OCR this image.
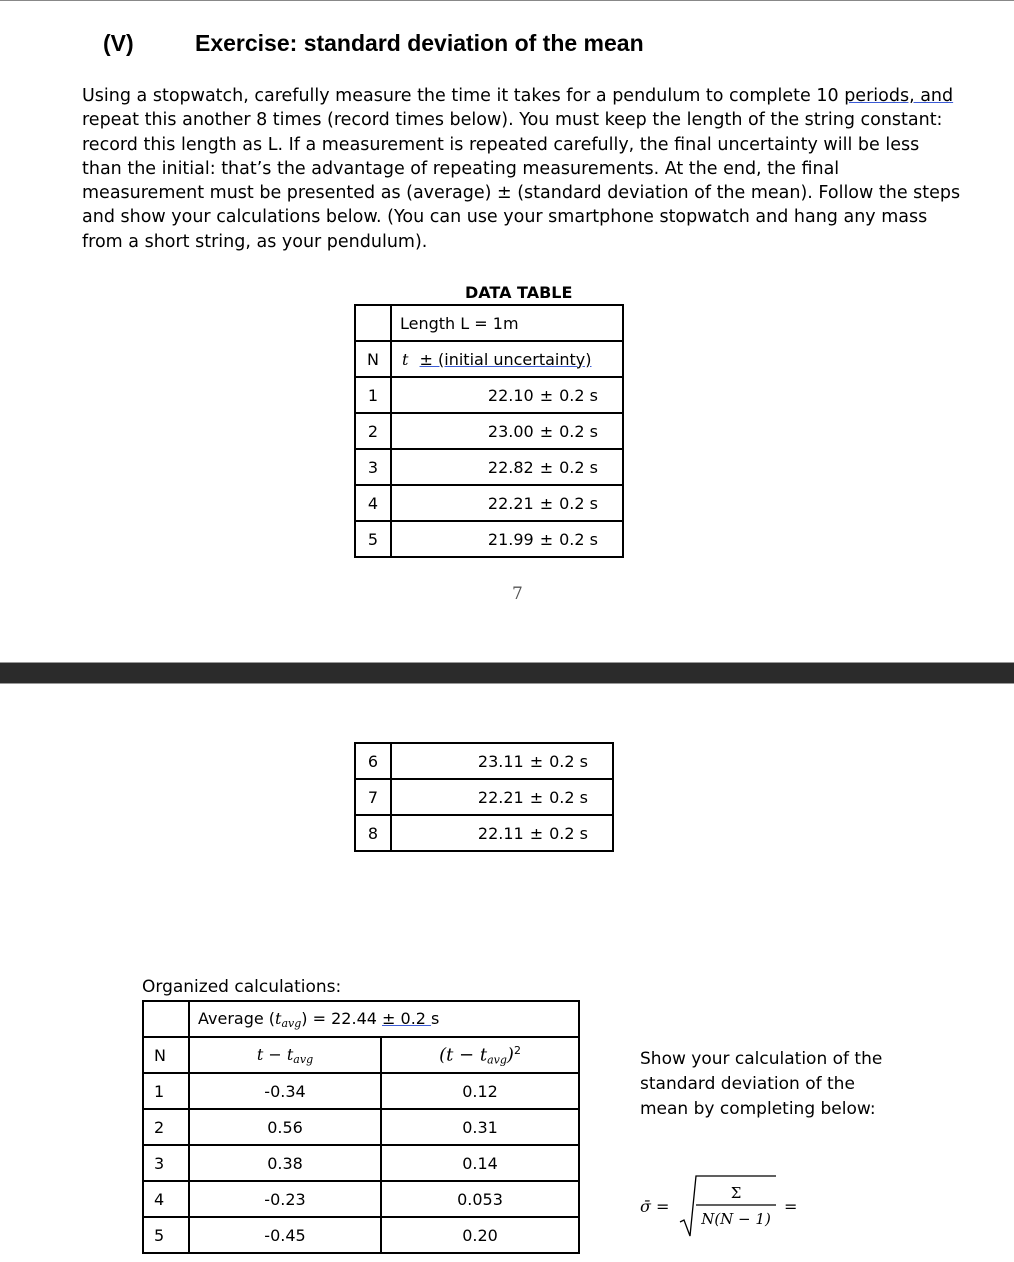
(V)	Exercise: standard deviation of the mean
Using a stopwatch, carefully measure the time it takes for a pendulum to complete 10 periods, and
repeat this another 8 times (record times below). You must keep the length of the string constant:
record this length as L. If a measurement is repeated carefully, the final uncertainty will be less
than the initial: that’s the advantage of repeating measurements. At the end, the final
measurement must be presented as (average) ± (standard deviation of the mean). Follow the steps
and show your calculations below. (You can use your smartphone stopwatch and hang any mass
from a short string, as your pendulum).
DATA TABLE
	Length L = 1m
N	t ± (initial uncertainty)
1	22.10 ± 0.2 s

2	23.00 ± 0.2 s

3	22.82 ± 0.2 s

4	22.21 ± 0.2 s

5	21.99 ± 0.2 s
7
6	23.11 ± 0.2 s

7	22.21 ± 0.2 s

8	22.11 ± 0.2 s
Organized calculations:
	Average $(t_{avg}) = 22.44 \pm 0.2$ s	
N	$t - t_{avg}$	$(t - t_{avg})^2$
1	-0.34	0.12
2	0.56	0.31
3	0.38	0.14
4	-0.23	0.053
5	-0.45	0.20
Show your calculation of the
standard deviation of the
mean by completing below:
σ̄ =
Σ
N(N − 1)
=
